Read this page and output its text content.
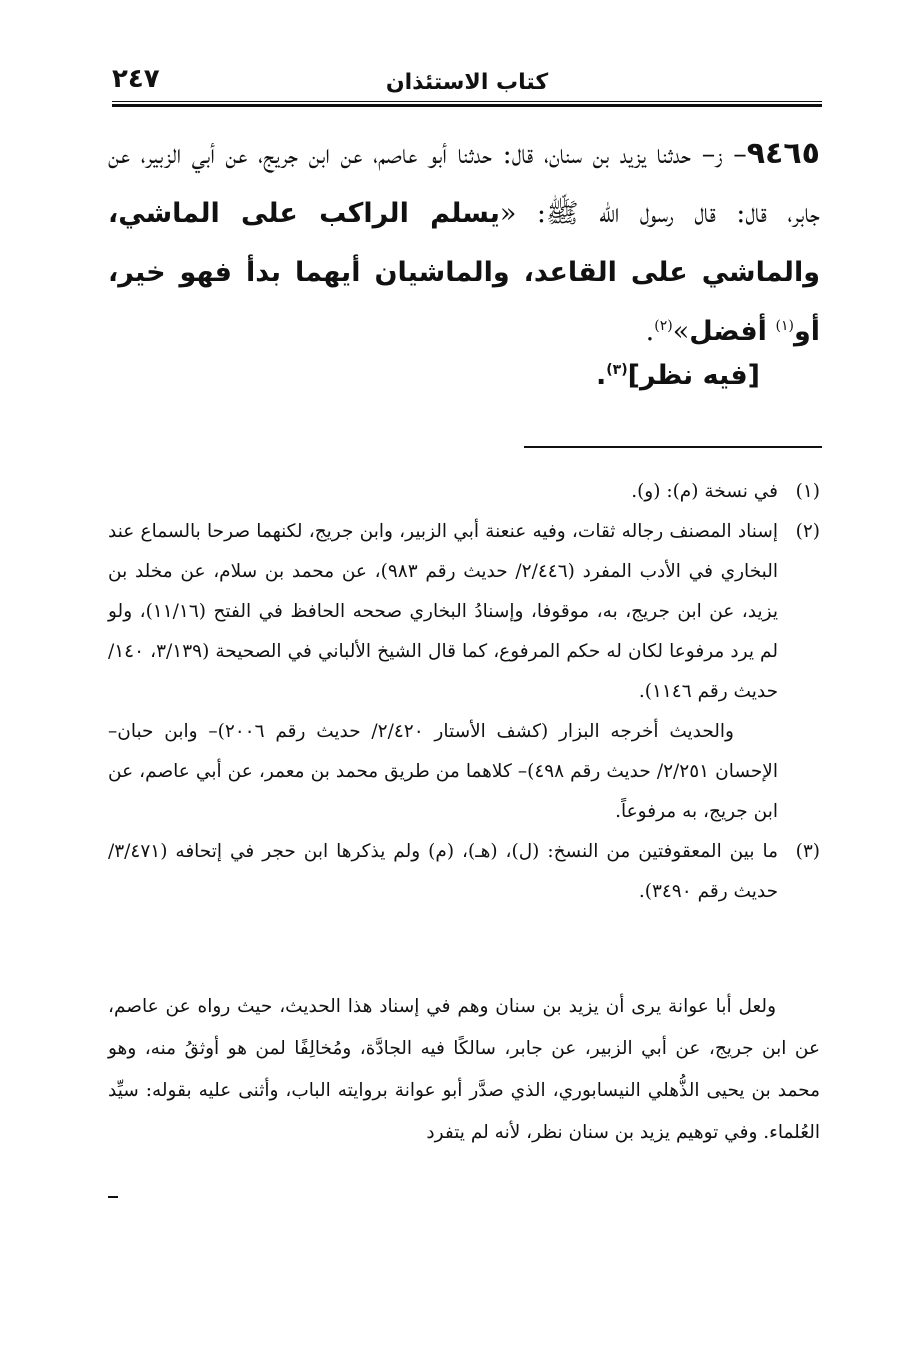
كتاب الاستئذان
٢٤٧

٩٤٦٥– ز– حدثنا يزيد بن سنان، قال: حدثنا أبو عاصم، عن ابن جريج، عن أبي الزبير، عن جابر، قال: قال رسول الله ﷺ: «يسلم الراكب على الماشي، والماشي على القاعد، والماشيان أيهما بدأ فهو خير، أو$^{(١)}$ أفضل»$^{(٢)}$.

[فيه نظر]$^{(٣)}$.
(١)
في نسخة (م): (و).
(٢)
إسناد المصنف رجاله ثقات، وفيه عنعنة أبي الزبير، وابن جريج، لكنهما صرحا بالسماع عند البخاري في الأدب المفرد (٢/٤٤٦/ حديث رقم ٩٨٣)، عن محمد بن سلام، عن مخلد بن يزيد، عن ابن جريج، به، موقوفا، وإسنادُ البخاري صححه الحافظ في الفتح (١١/١٦)، ولو لم يرد مرفوعا لكان له حكم المرفوع، كما قال الشيخ الألباني في الصحيحة (٣/١٣٩، ١٤٠/ حديث رقم ١١٤٦).

والحديث أخرجه البزار (كشف الأستار ٢/٤٢٠/ حديث رقم ٢٠٠٦)– وابن حبان– الإحسان ٢/٢٥١/ حديث رقم ٤٩٨)– كلاهما من طريق محمد بن معمر، عن أبي عاصم، عن ابن جريج، به مرفوعاً.

(٣)
ما بين المعقوفتين من النسخ: (ل)، (هـ)، (م) ولم يذكرها ابن حجر في إتحافه (٣/٤٧١/ حديث رقم ٣٤٩٠).

ولعل أبا عوانة يرى أن يزيد بن سنان وهم في إسناد هذا الحديث، حيث رواه عن عاصم، عن ابن جريج، عن أبي الزبير، عن جابر، سالكًا فيه الجادَّة، ومُخالِفًا لمن هو أوثقُ منه، وهو محمد بن يحيى الذُّهلي النيسابوري، الذي صدَّر أبو عوانة بروايته الباب، وأثنى عليه بقوله: سيِّد العُلماء. وفي توهيم يزيد بن سنان نظر، لأنه لم يتفرد
